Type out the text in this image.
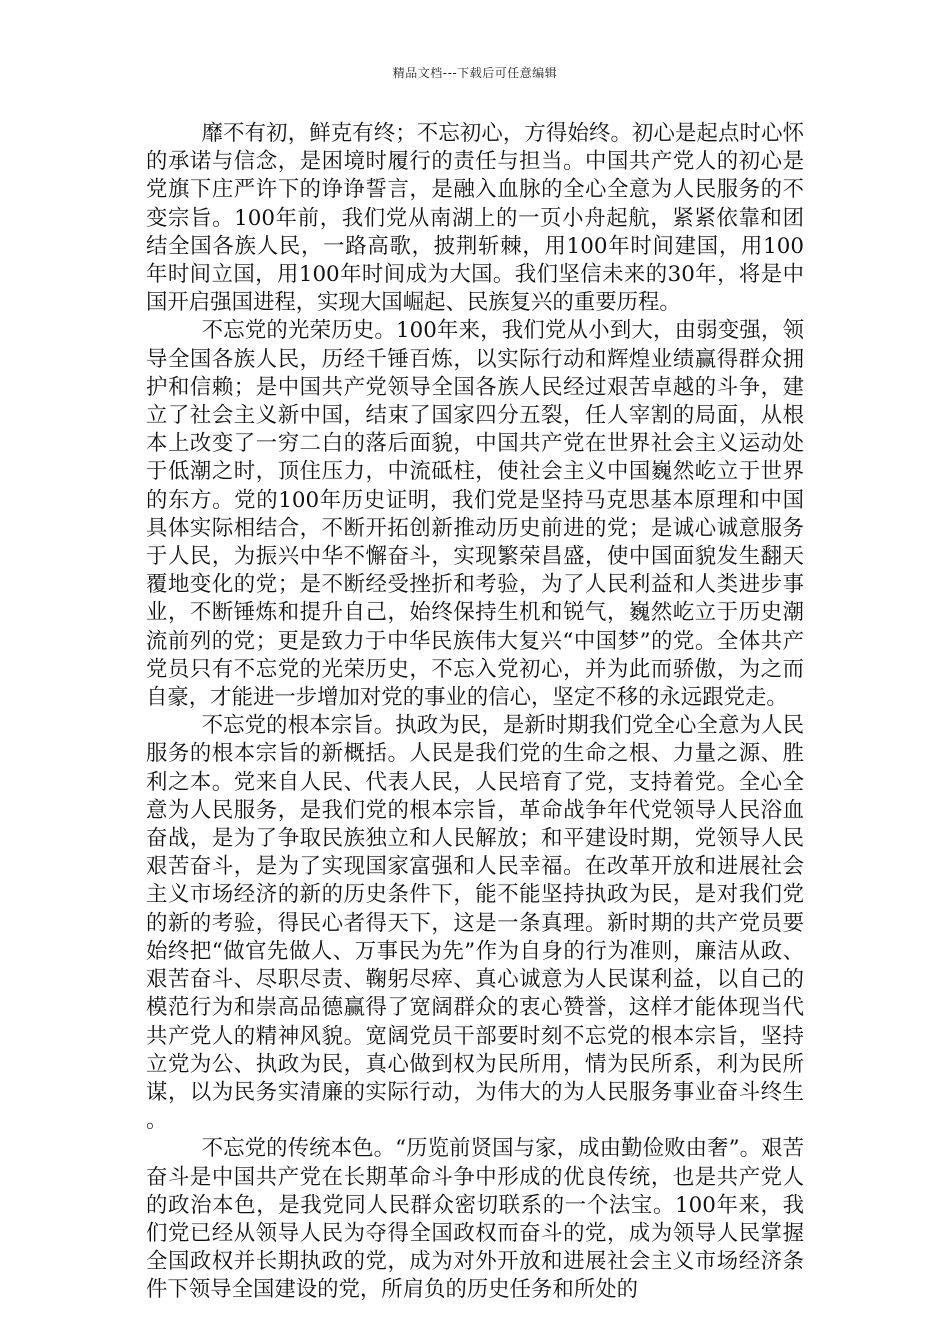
精品文档---下载后可任意编辑

靡不有初，鲜克有终；不忘初心，方得始终。初心是起点时心怀的承诺与信念，是困境时履行的责任与担当。中国共产党人的初心是党旗下庄严许下的诤诤誓言，是融入血脉的全心全意为人民服务的不变宗旨。100年前，我们党从南湖上的一页小舟起航，紧紧依靠和团结全国各族人民，一路高歌，披荆斩棘，用100年时间建国，用100年时间立国，用100年时间成为大国。我们坚信未来的30年，将是中国开启强国进程，实现大国崛起、民族复兴的重要历程。

不忘党的光荣历史。100年来，我们党从小到大，由弱变强，领导全国各族人民，历经千锤百炼，以实际行动和辉煌业绩赢得群众拥护和信赖；是中国共产党领导全国各族人民经过艰苦卓越的斗争，建立了社会主义新中国，结束了国家四分五裂，任人宰割的局面，从根本上改变了一穷二白的落后面貌，中国共产党在世界社会主义运动处于低潮之时，顶住压力，中流砥柱，使社会主义中国巍然屹立于世界的东方。党的100年历史证明，我们党是坚持马克思基本原理和中国具体实际相结合，不断开拓创新推动历史前进的党；是诚心诚意服务于人民，为振兴中华不懈奋斗，实现繁荣昌盛，使中国面貌发生翻天覆地变化的党；是不断经受挫折和考验，为了人民利益和人类进步事业，不断锤炼和提升自己，始终保持生机和锐气，巍然屹立于历史潮流前列的党；更是致力于中华民族伟大复兴“中国梦”的党。全体共产党员只有不忘党的光荣历史，不忘入党初心，并为此而骄傲，为之而自豪，才能进一步增加对党的事业的信心，坚定不移的永远跟党走。

不忘党的根本宗旨。执政为民，是新时期我们党全心全意为人民服务的根本宗旨的新概括。人民是我们党的生命之根、力量之源、胜利之本。党来自人民、代表人民，人民培育了党，支持着党。全心全意为人民服务，是我们党的根本宗旨，革命战争年代党领导人民浴血奋战，是为了争取民族独立和人民解放；和平建设时期，党领导人民艰苦奋斗，是为了实现国家富强和人民幸福。在改革开放和进展社会主义市场经济的新的历史条件下，能不能坚持执政为民，是对我们党的新的考验，得民心者得天下，这是一条真理。新时期的共产党员要始终把“做官先做人、万事民为先”作为自身的行为准则，廉洁从政、艰苦奋斗、尽职尽责、鞠躬尽瘁、真心诚意为人民谋利益，以自己的模范行为和崇高品德赢得了宽阔群众的衷心赞誉，这样才能体现当代共产党人的精神风貌。宽阔党员干部要时刻不忘党的根本宗旨，坚持立党为公、执政为民，真心做到权为民所用，情为民所系，利为民所谋，以为民务实清廉的实际行动，为伟大的为人民服务事业奋斗终生。

不忘党的传统本色。“历览前贤国与家，成由勤俭败由奢”。艰苦奋斗是中国共产党在长期革命斗争中形成的优良传统，也是共产党人的政治本色，是我党同人民群众密切联系的一个法宝。100年来，我们党已经从领导人民为夺得全国政权而奋斗的党，成为领导人民掌握全国政权并长期执政的党，成为对外开放和进展社会主义市场经济条件下领导全国建设的党，所肩负的历史任务和所处的
